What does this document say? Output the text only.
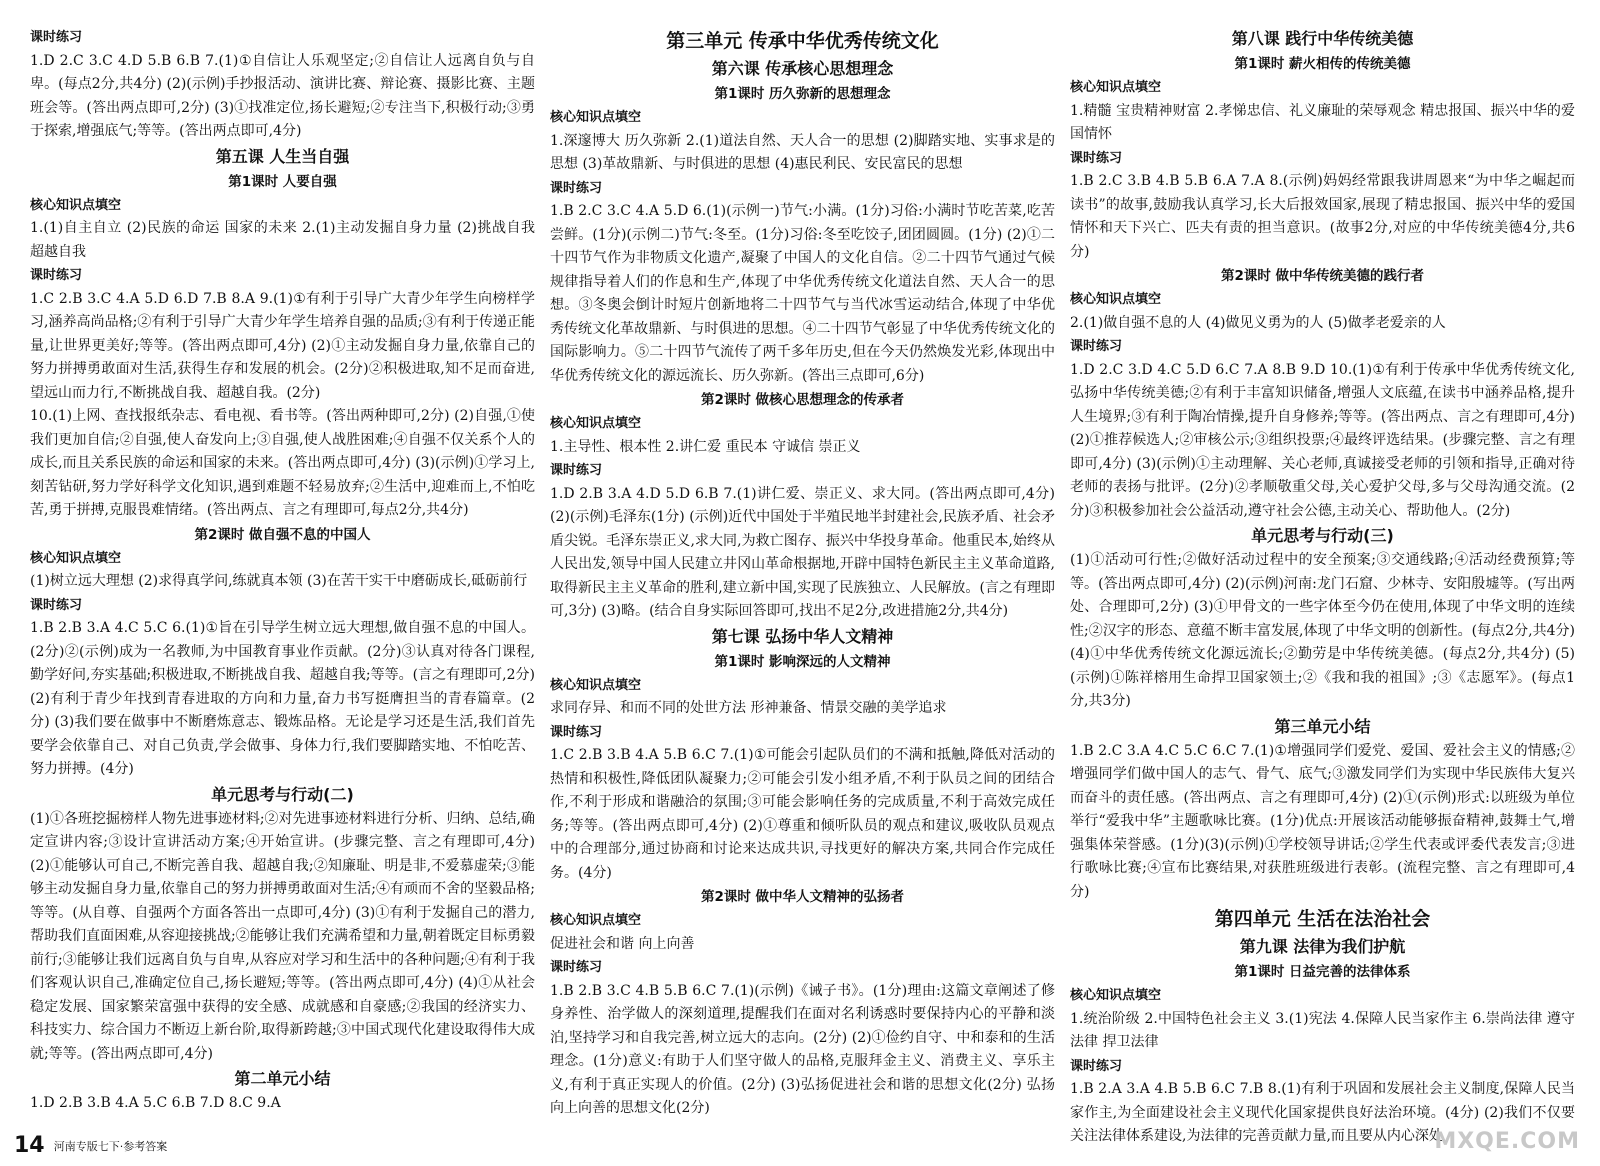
课时练习

1.D 2.C 3.C 4.D 5.B 6.B 7.(1)①自信让人乐观坚定;②自信让人远离自负与自卑。(每点2分,共4分) (2)(示例)手抄报活动、演讲比赛、辩论赛、摄影比赛、主题班会等。(答出两点即可,2分) (3)①找准定位,扬长避短;②专注当下,积极行动;③勇于探索,增强底气;等等。(答出两点即可,4分)

第五课 人生当自强
第1课时 人要自强
核心知识点填空

1.(1)自主自立 (2)民族的命运 国家的未来 2.(1)主动发掘自身力量 (2)挑战自我 超越自我

课时练习

1.C 2.B 3.C 4.A 5.D 6.D 7.B 8.A 9.(1)①有利于引导广大青少年学生向榜样学习,涵养高尚品格;②有利于引导广大青少年学生培养自强的品质;③有利于传递正能量,让世界更美好;等等。(答出两点即可,4分) (2)①主动发掘自身力量,依靠自己的努力拼搏勇敢面对生活,获得生存和发展的机会。(2分)②积极进取,知不足而奋进,望远山而力行,不断挑战自我、超越自我。(2分)

10.(1)上网、查找报纸杂志、看电视、看书等。(答出两种即可,2分) (2)自强,①使我们更加自信;②自强,使人奋发向上;③自强,使人战胜困难;④自强不仅关系个人的成长,而且关系民族的命运和国家的未来。(答出两点即可,4分) (3)(示例)①学习上,刻苦钻研,努力学好科学文化知识,遇到难题不轻易放弃;②生活中,迎难而上,不怕吃苦,勇于拼搏,克服畏难情绪。(答出两点、言之有理即可,每点2分,共4分)

第2课时 做自强不息的中国人
核心知识点填空

(1)树立远大理想 (2)求得真学问,练就真本领 (3)在苦干实干中磨砺成长,砥砺前行

课时练习

1.B 2.B 3.A 4.C 5.C 6.(1)①旨在引导学生树立远大理想,做自强不息的中国人。(2分)②(示例)成为一名教师,为中国教育事业作贡献。(2分)③认真对待各门课程,勤学好问,夯实基础;积极进取,不断挑战自我、超越自我;等等。(言之有理即可,2分) (2)有利于青少年找到青春进取的方向和力量,奋力书写挺膺担当的青春篇章。(2分) (3)我们要在做事中不断磨炼意志、锻炼品格。无论是学习还是生活,我们首先要学会依靠自己、对自己负责,学会做事、身体力行,我们要脚踏实地、不怕吃苦、努力拼搏。(4分)

单元思考与行动(二)

(1)①各班挖掘榜样人物先进事迹材料;②对先进事迹材料进行分析、归纳、总结,确定宣讲内容;③设计宣讲活动方案;④开始宣讲。(步骤完整、言之有理即可,4分) (2)①能够认可自己,不断完善自我、超越自我;②知廉耻、明是非,不爱慕虚荣;③能够主动发掘自身力量,依靠自己的努力拼搏勇敢面对生活;④有顽而不舍的坚毅品格;等等。(从自尊、自强两个方面各答出一点即可,4分) (3)①有利于发掘自己的潜力,帮助我们直面困难,从容迎接挑战;②能够让我们充满希望和力量,朝着既定目标勇毅前行;③能够让我们远离自负与自卑,从容应对学习和生活中的各种问题;④有利于我们客观认识自己,准确定位自己,扬长避短;等等。(答出两点即可,4分) (4)①从社会稳定发展、国家繁荣富强中获得的安全感、成就感和自豪感;②我国的经济实力、科技实力、综合国力不断迈上新台阶,取得新跨越;③中国式现代化建设取得伟大成就;等等。(答出两点即可,4分)

第二单元小结

1.D 2.B 3.B 4.A 5.C 6.B 7.D 8.C 9.A

第三单元 传承中华优秀传统文化
第六课 传承核心思想理念
第1课时 历久弥新的思想理念
核心知识点填空

1.深邃博大 历久弥新 2.(1)道法自然、天人合一的思想 (2)脚踏实地、实事求是的思想 (3)革故鼎新、与时俱进的思想 (4)惠民利民、安民富民的思想

课时练习

1.B 2.C 3.C 4.A 5.D 6.(1)(示例一)节气:小满。(1分)习俗:小满时节吃苦菜,吃苦尝鲜。(1分)(示例二)节气:冬至。(1分)习俗:冬至吃饺子,团团圆圆。(1分) (2)①二十四节气作为非物质文化遗产,凝聚了中国人的文化自信。②二十四节气通过气候规律指导着人们的作息和生产,体现了中华优秀传统文化道法自然、天人合一的思想。③冬奥会倒计时短片创新地将二十四节气与当代冰雪运动结合,体现了中华优秀传统文化革故鼎新、与时俱进的思想。④二十四节气彰显了中华优秀传统文化的国际影响力。⑤二十四节气流传了两千多年历史,但在今天仍然焕发光彩,体现出中华优秀传统文化的源远流长、历久弥新。(答出三点即可,6分)

第2课时 做核心思想理念的传承者
核心知识点填空

1.主导性、根本性 2.讲仁爱 重民本 守诚信 崇正义

课时练习

1.D 2.B 3.A 4.D 5.D 6.B 7.(1)讲仁爱、崇正义、求大同。(答出两点即可,4分) (2)(示例)毛泽东(1分) (示例)近代中国处于半殖民地半封建社会,民族矛盾、社会矛盾尖锐。毛泽东崇正义,求大同,为救亡图存、振兴中华投身革命。他重民本,始终从人民出发,领导中国人民建立井冈山革命根据地,开辟中国特色新民主主义革命道路,取得新民主主义革命的胜利,建立新中国,实现了民族独立、人民解放。(言之有理即可,3分) (3)略。(结合自身实际回答即可,找出不足2分,改进措施2分,共4分)

第七课 弘扬中华人文精神
第1课时 影响深远的人文精神
核心知识点填空

求同存异、和而不同的处世方法 形神兼备、情景交融的美学追求

课时练习

1.C 2.B 3.B 4.A 5.B 6.C 7.(1)①可能会引起队员们的不满和抵触,降低对活动的热情和积极性,降低团队凝聚力;②可能会引发小组矛盾,不利于队员之间的团结合作,不利于形成和谐融洽的氛围;③可能会影响任务的完成质量,不利于高效完成任务;等等。(答出两点即可,4分) (2)①尊重和倾听队员的观点和建议,吸收队员观点中的合理部分,通过协商和讨论来达成共识,寻找更好的解决方案,共同合作完成任务。(4分)

第2课时 做中华人文精神的弘扬者
核心知识点填空

促进社会和谐 向上向善

课时练习

1.B 2.B 3.C 4.B 5.B 6.C 7.(1)(示例)《诫子书》。(1分)理由:这篇文章阐述了修身养性、治学做人的深刻道理,提醒我们在面对名利诱惑时要保持内心的平静和淡泊,坚持学习和自我完善,树立远大的志向。(2分) (2)①俭约自守、中和泰和的生活理念。(1分)意义:有助于人们坚守做人的品格,克服拜金主义、消费主义、享乐主义,有利于真正实现人的价值。(2分) (3)弘扬促进社会和谐的思想文化(2分) 弘扬向上向善的思想文化(2分)

第八课 践行中华传统美德
第1课时 薪火相传的传统美德
核心知识点填空

1.精髓 宝贵精神财富 2.孝悌忠信、礼义廉耻的荣辱观念 精忠报国、振兴中华的爱国情怀

课时练习

1.B 2.C 3.B 4.B 5.B 6.A 7.A 8.(示例)妈妈经常跟我讲周恩来“为中华之崛起而读书”的故事,鼓励我认真学习,长大后报效国家,展现了精忠报国、振兴中华的爱国情怀和天下兴亡、匹夫有责的担当意识。(故事2分,对应的中华传统美德4分,共6分)

第2课时 做中华传统美德的践行者
核心知识点填空

2.(1)做自强不息的人 (4)做见义勇为的人 (5)做孝老爱亲的人

课时练习

1.D 2.C 3.D 4.C 5.D 6.C 7.A 8.B 9.D 10.(1)①有利于传承中华优秀传统文化,弘扬中华传统美德;②有利于丰富知识储备,增强人文底蕴,在读书中涵养品格,提升人生境界;③有利于陶冶情操,提升自身修养;等等。(答出两点、言之有理即可,4分) (2)①推荐候选人;②审核公示;③组织投票;④最终评选结果。(步骤完整、言之有理即可,4分) (3)(示例)①主动理解、关心老师,真诚接受老师的引领和指导,正确对待老师的表扬与批评。(2分)②孝顺敬重父母,关心爱护父母,多与父母沟通交流。(2分)③积极参加社会公益活动,遵守社会公德,主动关心、帮助他人。(2分)

单元思考与行动(三)

(1)①活动可行性;②做好活动过程中的安全预案;③交通线路;④活动经费预算;等等。(答出两点即可,4分) (2)(示例)河南:龙门石窟、少林寺、安阳殷墟等。(写出两处、合理即可,2分) (3)①甲骨文的一些字体至今仍在使用,体现了中华文明的连续性;②汉字的形态、意蕴不断丰富发展,体现了中华文明的创新性。(每点2分,共4分) (4)①中华优秀传统文化源远流长;②勤劳是中华传统美德。(每点2分,共4分) (5)(示例)①陈祥榕用生命捍卫国家领土;②《我和我的祖国》;③《志愿军》。(每点1分,共3分)

第三单元小结

1.B 2.C 3.A 4.C 5.C 6.C 7.(1)①增强同学们爱党、爱国、爱社会主义的情感;②增强同学们做中国人的志气、骨气、底气;③激发同学们为实现中华民族伟大复兴而奋斗的责任感。(答出两点、言之有理即可,4分) (2)①(示例)形式:以班级为单位举行“爱我中华”主题歌咏比赛。(1分)优点:开展该活动能够振奋精神,鼓舞士气,增强集体荣誉感。(1分)(3)(示例)①学校领导讲话;②学生代表或评委代表发言;③进行歌咏比赛;④宣布比赛结果,对获胜班级进行表彰。(流程完整、言之有理即可,4分)

第四单元 生活在法治社会
第九课 法律为我们护航
第1课时 日益完善的法律体系
核心知识点填空

1.统治阶级 2.中国特色社会主义 3.(1)宪法 4.保障人民当家作主 6.崇尚法律 遵守法律 捍卫法律

课时练习

1.B 2.A 3.A 4.B 5.B 6.C 7.B 8.(1)有利于巩固和发展社会主义制度,保障人民当家作主,为全面建设社会主义现代化国家提供良好法治环境。(4分) (2)我们不仅要关注法律体系建设,为法律的完善贡献力量,而且要从内心深处

14 河南专版七下·参考答案	MXQE.COM
